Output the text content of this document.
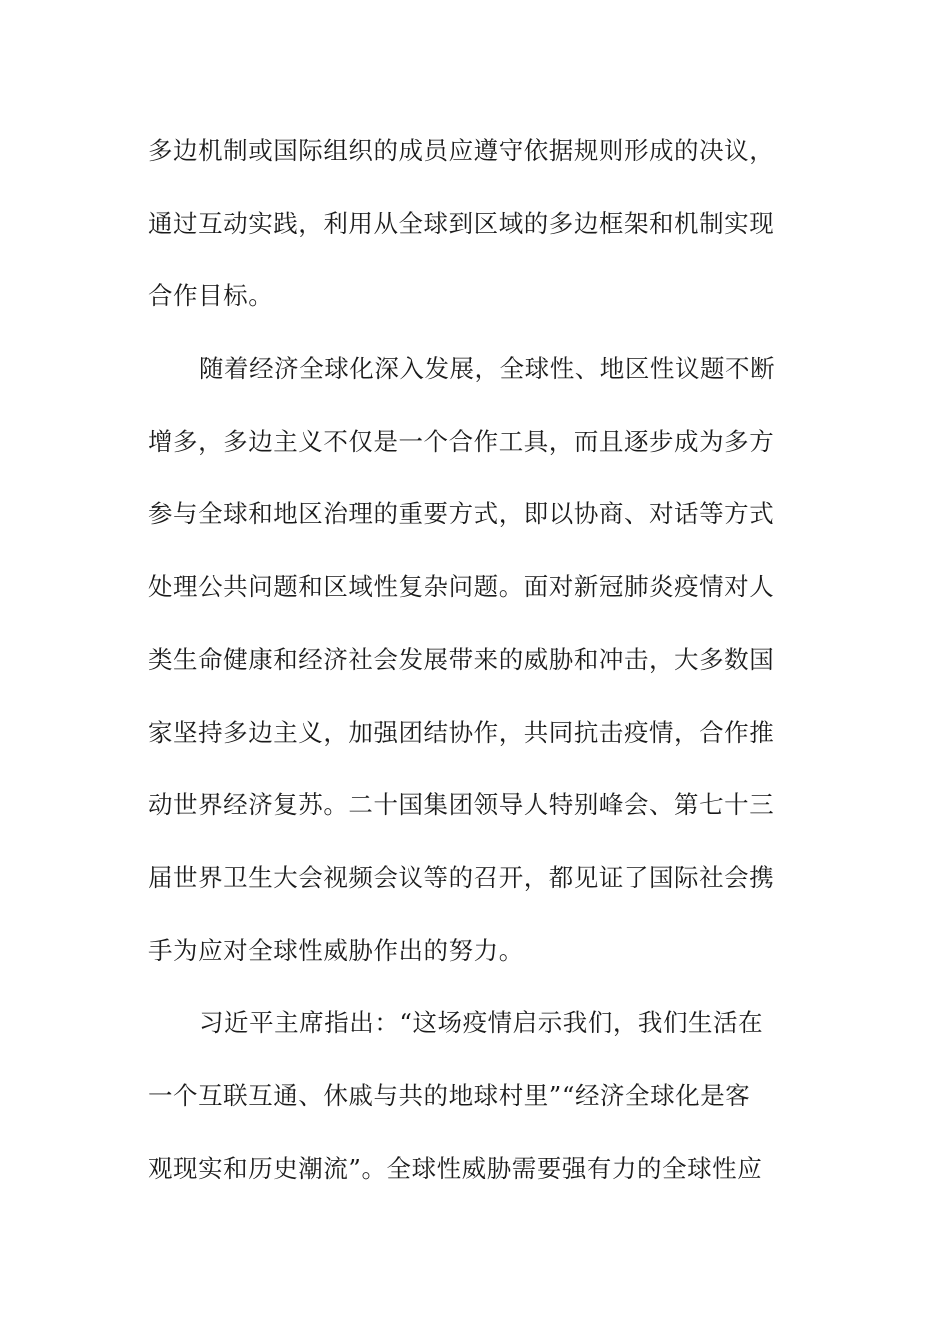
多边机制或国际组织的成员应遵守依据规则形成的决议，
通过互动实践，利用从全球到区域的多边框架和机制实现
合作目标。
随着经济全球化深入发展，全球性、地区性议题不断
增多，多边主义不仅是一个合作工具，而且逐步成为多方
参与全球和地区治理的重要方式，即以协商、对话等方式
处理公共问题和区域性复杂问题。面对新冠肺炎疫情对人
类生命健康和经济社会发展带来的威胁和冲击，大多数国
家坚持多边主义，加强团结协作，共同抗击疫情，合作推
动世界经济复苏。二十国集团领导人特别峰会、第七十三
届世界卫生大会视频会议等的召开，都见证了国际社会携
手为应对全球性威胁作出的努力。
习近平主席指出：“这场疫情启示我们，我们生活在
一个互联互通、休戚与共的地球村里”“经济全球化是客
观现实和历史潮流”。全球性威胁需要强有力的全球性应
